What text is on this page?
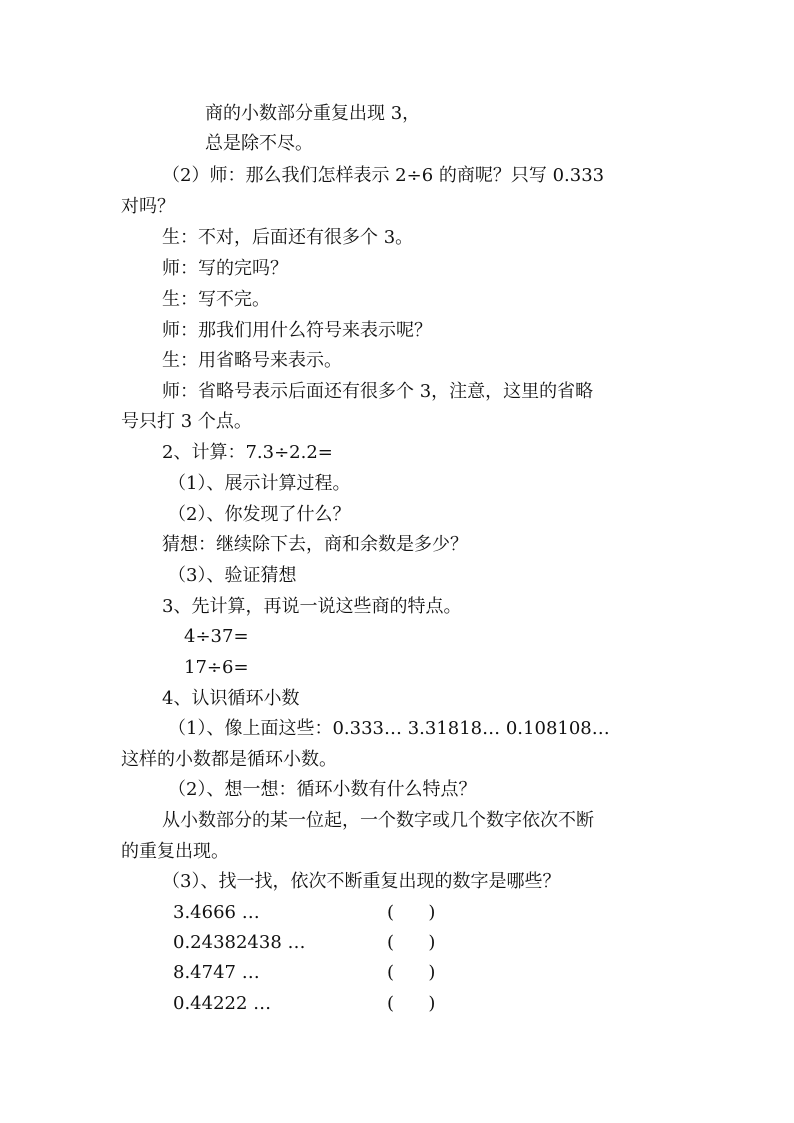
商的小数部分重复出现 3，
总是除不尽。
（2）师：那么我们怎样表示 2÷6 的商呢？只写 0.333
对吗？
生：不对，后面还有很多个 3。
师：写的完吗？
生：写不完。
师：那我们用什么符号来表示呢？
生：用省略号来表示。
师：省略号表示后面还有很多个 3，注意，这里的省略
号只打 3 个点。
2、计算：7.3÷2.2=
（1）、展示计算过程。
（2）、你发现了什么？
猜想：继续除下去，商和余数是多少？
（3）、验证猜想
3、先计算，再说一说这些商的特点。
4÷37=
17÷6=
4、认识循环小数
（1）、像上面这些：0.333… 3.31818… 0.108108…
这样的小数都是循环小数。
（2）、想一想：循环小数有什么特点？
从小数部分的某一位起，一个数字或几个数字依次不断
的重复出现。
（3）、找一找，依次不断重复出现的数字是哪些？
3.4666 …	(      )
0.24382438 …	(      )
8.4747 …	(      )
0.44222 …	(      )
